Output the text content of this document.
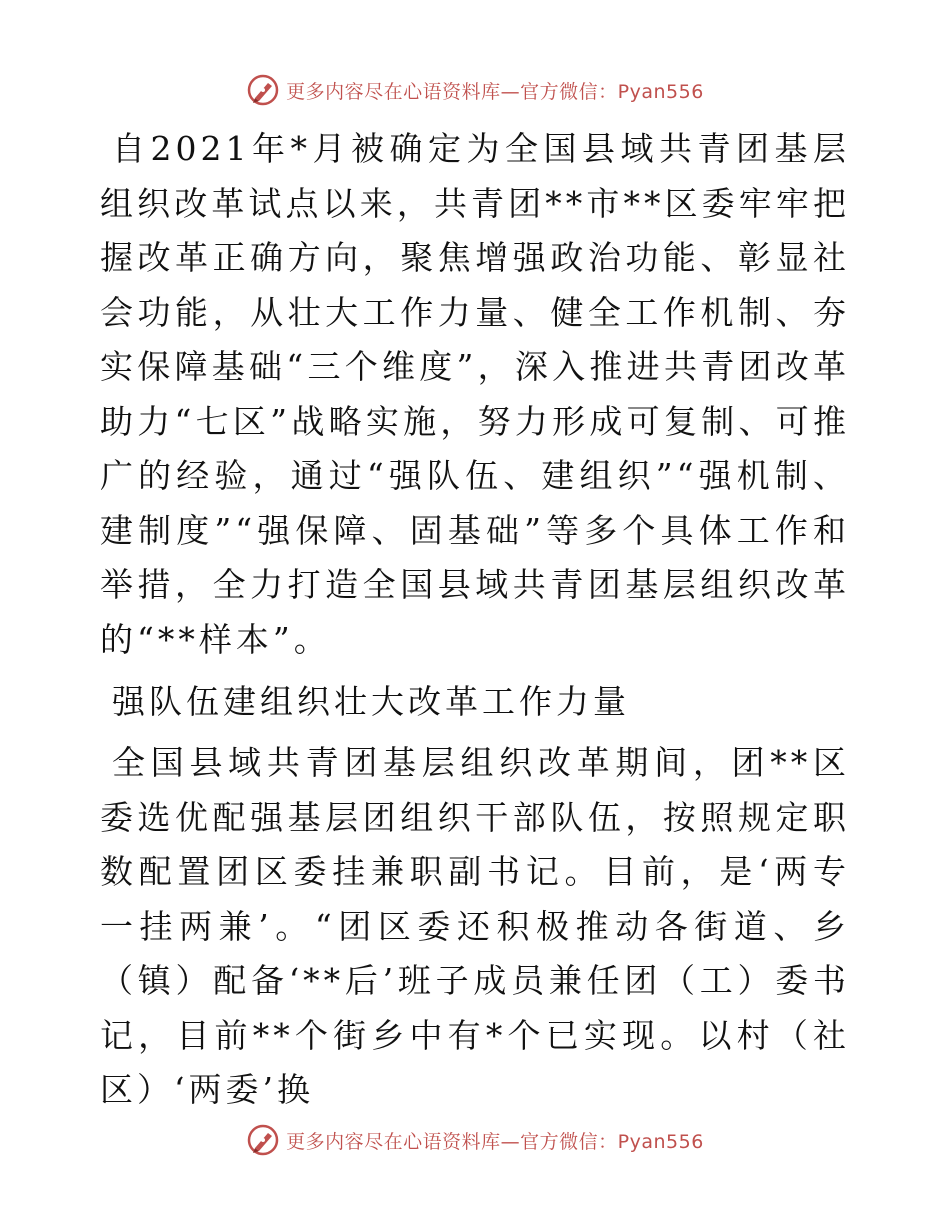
更多内容尽在心语资料库—官方微信：Pyan556

自2021年*月被确定为全国县域共青团基层组织改革试点以来，共青团**市**区委牢牢把握改革正确方向，聚焦增强政治功能、彰显社会功能，从壮大工作力量、健全工作机制、夯实保障基础“三个维度”，深入推进共青团改革助力“七区”战略实施，努力形成可复制、可推广的经验，通过“强队伍、建组织”“强机制、建制度”“强保障、固基础”等多个具体工作和举措，全力打造全国县域共青团基层组织改革的“**样本”。

强队伍建组织壮大改革工作力量

全国县域共青团基层组织改革期间，团**区委选优配强基层团组织干部队伍，按照规定职数配置团区委挂兼职副书记。目前，是‘两专一挂两兼’。“团区委还积极推动各街道、乡（镇）配备‘**后’班子成员兼任团（工）委书记，目前**个街乡中有*个已实现。以村（社区）‘两委’换

更多内容尽在心语资料库—官方微信：Pyan556
